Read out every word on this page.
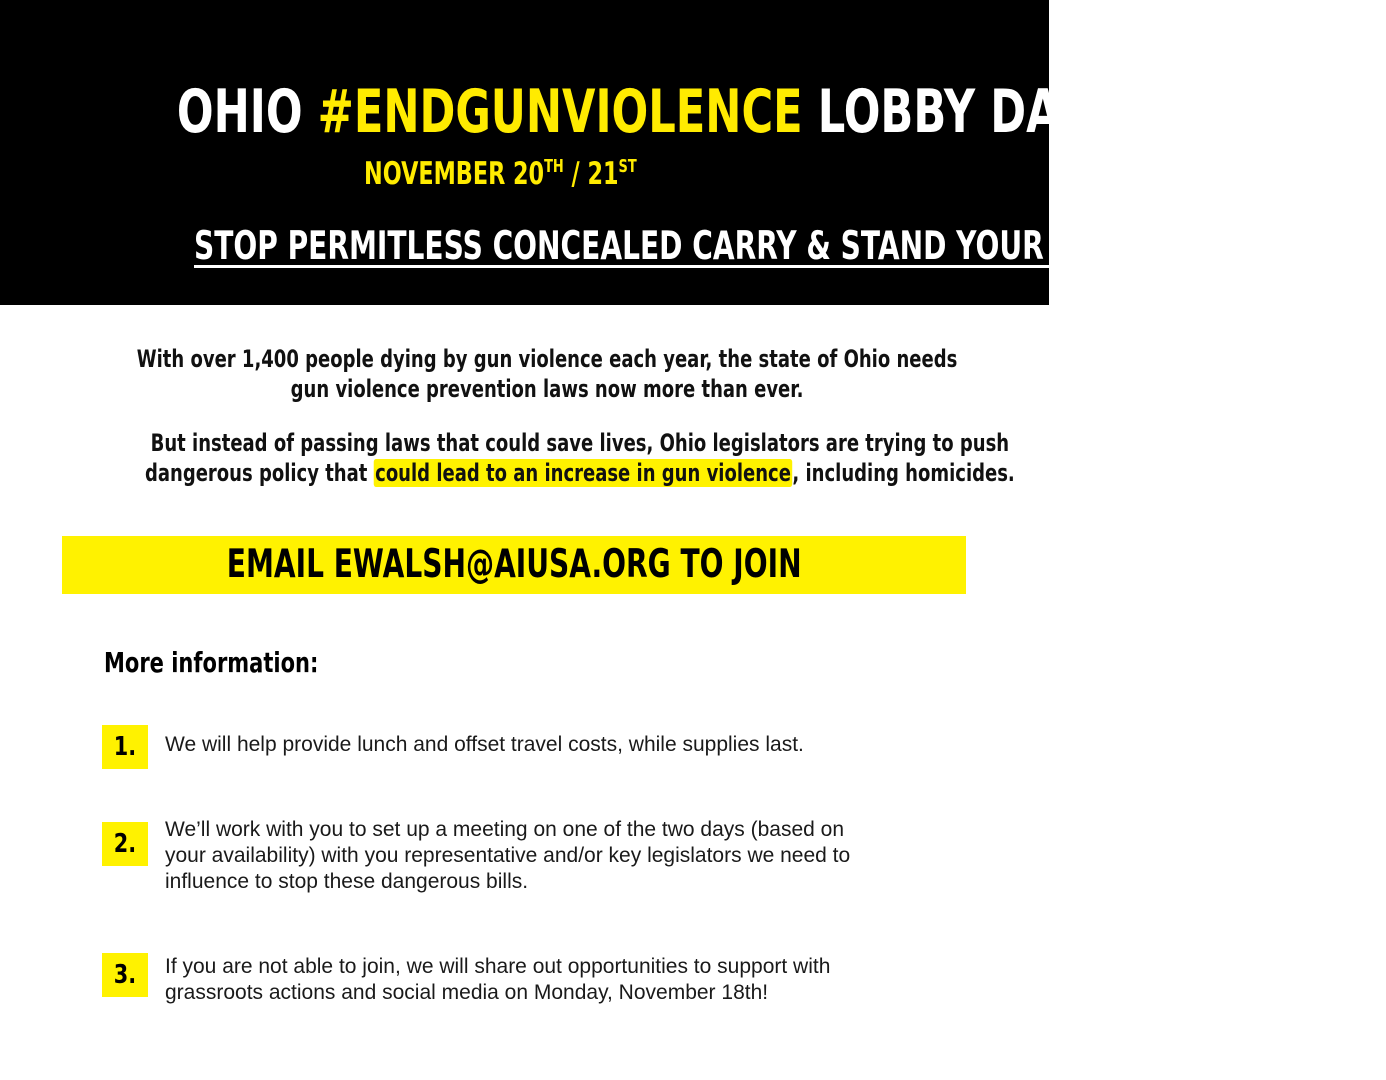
OHIO #ENDGUNVIOLENCE LOBBY DAY
NOVEMBER 20TH / 21ST
STOP PERMITLESS CONCEALED CARRY & STAND YOUR GROUND
With over 1,400 people dying by gun violence each year, the state of Ohio needs
gun violence prevention laws now more than ever.
But instead of passing laws that could save lives, Ohio legislators are trying to push
dangerous policy that could lead to an increase in gun violence, including homicides.
EMAIL EWALSH@AIUSA.ORG TO JOIN
More information:
1.	We will help provide lunch and offset travel costs, while supplies last.
2.	We’ll work with you to set up a meeting on one of the two days (based on
your availability) with you representative and/or key legislators we need to
influence to stop these dangerous bills.
3.	If you are not able to join, we will share out opportunities to support with
grassroots actions and social media on Monday, November 18th!
